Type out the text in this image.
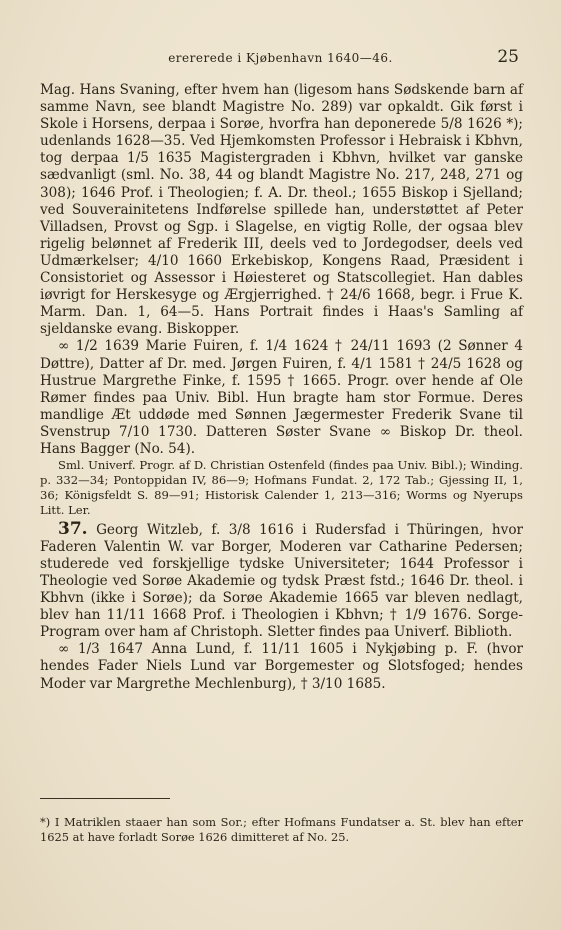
erererede i Kjøbenhavn 1640—46.	25

Mag. Hans Svaning, efter hvem han (ligesom hans Sødskende barn af samme Navn, see blandt Magistre No. 289) var opkaldt. Gik først i Skole i Horsens, derpaa i Sorøe, hvorfra han deponerede 5/8 1626 *); udenlands 1628—35. Ved Hjemkomsten Professor i Hebraisk i Kbhvn, tog derpaa 1/5 1635 Magistergraden i Kbhvn, hvilket var ganske sædvanligt (sml. No. 38, 44 og blandt Magistre No. 217, 248, 271 og 308); 1646 Prof. i Theologien; f. A. Dr. theol.; 1655 Biskop i Sjelland; ved Souverainitetens Indførelse spillede han, understøttet af Peter Villadsen, Provst og Sgp. i Slagelse, en vigtig Rolle, der ogsaa blev rigelig belønnet af Frederik III, deels ved to Jordegodser, deels ved Udmærkelser; 4/10 1660 Erkebiskop, Kongens Raad, Præsident i Consistoriet og Assessor i Høiesteret og Statscollegiet. Han dables iøvrigt for Herskesyge og Ærgjerrighed. † 24/6 1668, begr. i Frue K. Marm. Dan. 1, 64—5. Hans Portrait findes i Haas's Samling af sjeldanske evang. Biskopper.

∞ 1/2 1639 Marie Fuiren, f. 1/4 1624 † 24/11 1693 (2 Sønner 4 Døttre), Datter af Dr. med. Jørgen Fuiren, f. 4/1 1581 † 24/5 1628 og Hustrue Margrethe Finke, f. 1595 † 1665. Progr. over hende af Ole Rømer findes paa Univ. Bibl. Hun bragte ham stor Formue. Deres mandlige Æt uddøde med Sønnen Jægermester Frederik Svane til Svenstrup 7/10 1730. Datteren Søster Svane ∞ Biskop Dr. theol. Hans Bagger (No. 54).

Sml. Univerf. Progr. af D. Christian Ostenfeld (findes paa Univ. Bibl.); Winding. p. 332—34; Pontoppidan IV, 86—9; Hofmans Fundat. 2, 172 Tab.; Gjessing II, 1, 36; Königsfeldt S. 89—91; Historisk Calender 1, 213—316; Worms og Nyerups Litt. Ler.

37. Georg Witzleb, f. 3/8 1616 i Rudersfad i Thüringen, hvor Faderen Valentin W. var Borger, Moderen var Catharine Pedersen; studerede ved forskjellige tydske Universiteter; 1644 Professor i Theologie ved Sorøe Akademie og tydsk Præst fstd.; 1646 Dr. theol. i Kbhvn (ikke i Sorøe); da Sorøe Akademie 1665 var bleven nedlagt, blev han 11/11 1668 Prof. i Theologien i Kbhvn; † 1/9 1676. Sorge-Program over ham af Christoph. Sletter findes paa Univerf. Biblioth.

∞ 1/3 1647 Anna Lund, f. 11/11 1605 i Nykjøbing p. F. (hvor hendes Fader Niels Lund var Borgemester og Slotsfoged; hendes Moder var Margrethe Mechlenburg), † 3/10 1685.

*) I Matriklen staaer han som Sor.; efter Hofmans Fundatser a. St. blev han efter 1625 at have forladt Sorøe 1626 dimitteret af No. 25.
